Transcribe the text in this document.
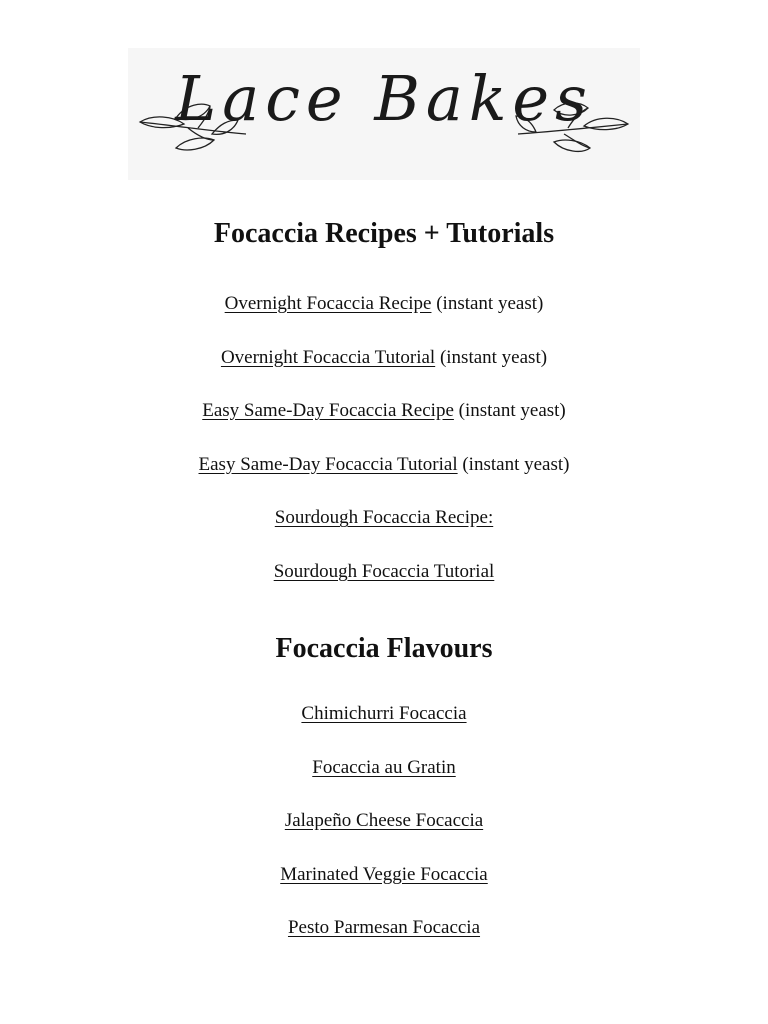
Lace Bakes
Focaccia Recipes + Tutorials
Overnight Focaccia Recipe (instant yeast)
Overnight Focaccia Tutorial (instant yeast)
Easy Same-Day Focaccia Recipe (instant yeast)
Easy Same-Day Focaccia Tutorial (instant yeast)
Sourdough Focaccia Recipe:
Sourdough Focaccia Tutorial
Focaccia Flavours
Chimichurri Focaccia
Focaccia au Gratin
Jalapeño Cheese Focaccia
Marinated Veggie Focaccia
Pesto Parmesan Focaccia
